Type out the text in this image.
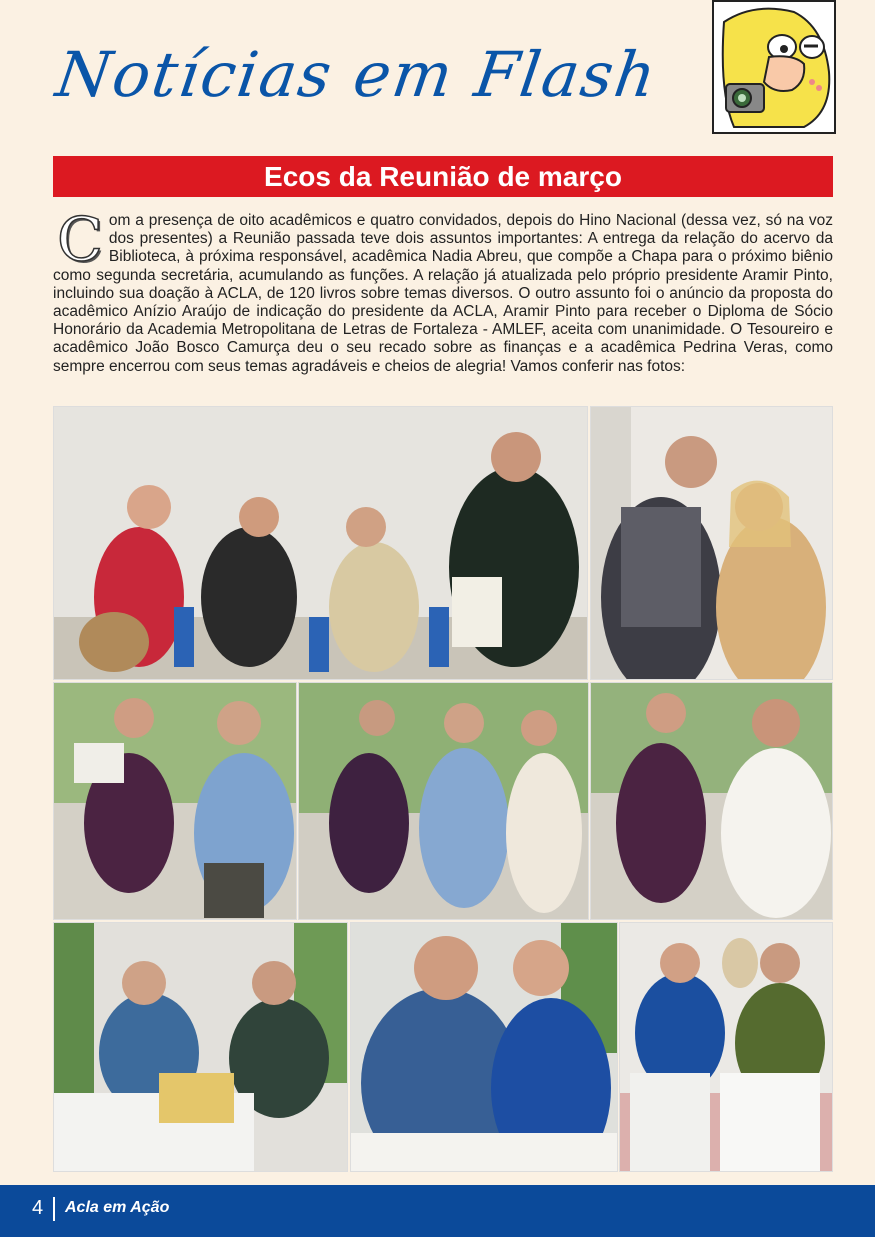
Notícias em Flash
Ecos da Reunião de março
Com a presença de oito acadêmicos e quatro convidados, depois do Hino Nacional (dessa vez, só na voz dos presentes) a Reunião passada teve dois assuntos importantes: A entrega da relação do acervo da Biblioteca, à próxima responsável, acadêmica Nadia Abreu, que compõe a Chapa para o próximo biênio como segunda secretária, acumulando as funções. A relação já atualizada pelo próprio presidente Aramir Pinto, incluindo sua doação à ACLA, de 120 livros sobre temas diversos. O outro assunto foi o anúncio da proposta do acadêmico Anízio Araújo de indicação do presidente da ACLA, Aramir Pinto para receber o Diploma de Sócio Honorário da Academia Metropolitana de Letras de Fortaleza - AMLEF, aceita com unanimidade. O Tesoureiro e acadêmico João Bosco Camurça deu o seu recado sobre as finanças e a acadêmica Pedrina Veras, como sempre encerrou com seus temas agradáveis e cheios de alegria! Vamos conferir nas fotos:
4 Acla em Ação
